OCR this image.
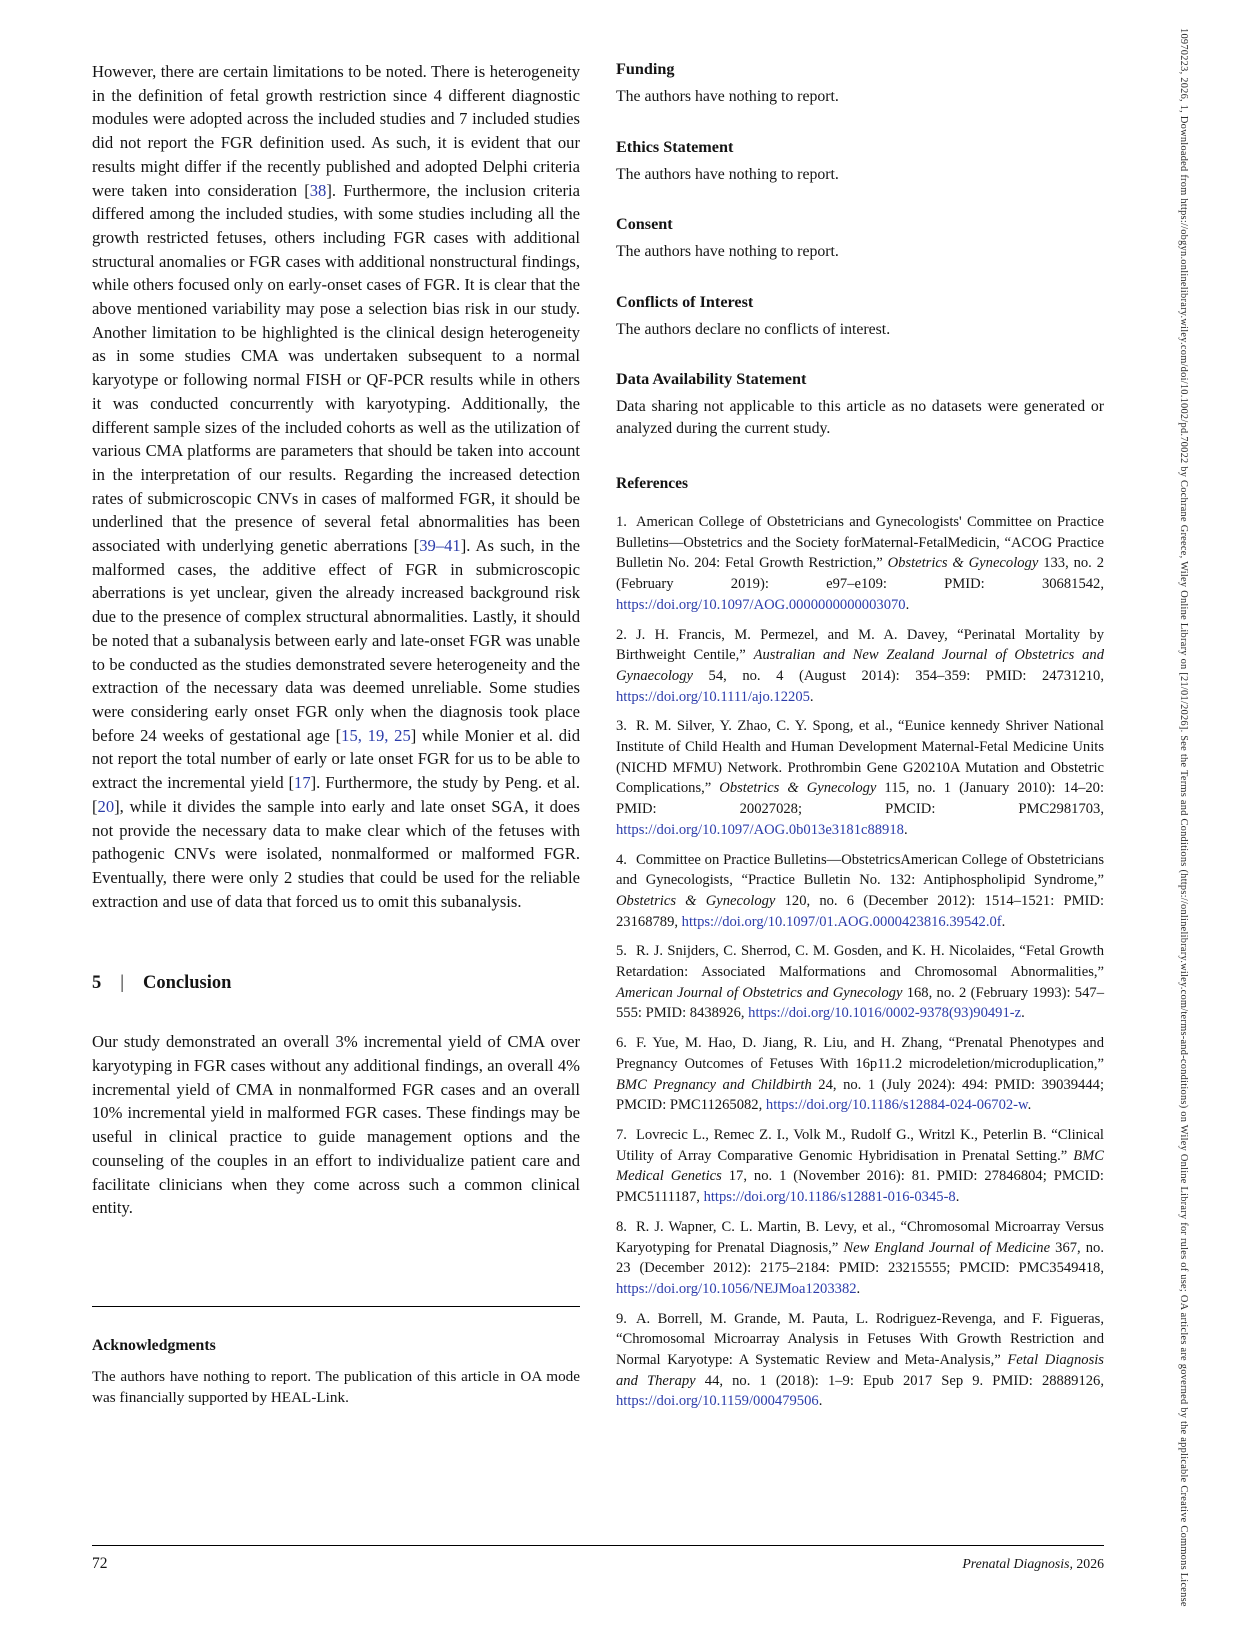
10970223, 2026, 1, Downloaded from https://obgyn.onlinelibrary.wiley.com/doi/10.1002/pd.70022 by Cochrane Greece, Wiley Online Library on [21/01/2026]. See the Terms and Conditions (https://onlinelibrary.wiley.com/terms-and-conditions) on Wiley Online Library for rules of use; OA articles are governed by the applicable Creative Commons License

However, there are certain limitations to be noted. There is heterogeneity in the definition of fetal growth restriction since 4 different diagnostic modules were adopted across the included studies and 7 included studies did not report the FGR definition used. As such, it is evident that our results might differ if the recently published and adopted Delphi criteria were taken into consideration [38]. Furthermore, the inclusion criteria differed among the included studies, with some studies including all the growth restricted fetuses, others including FGR cases with additional structural anomalies or FGR cases with additional nonstructural findings, while others focused only on early-onset cases of FGR. It is clear that the above mentioned variability may pose a selection bias risk in our study. Another limitation to be highlighted is the clinical design heterogeneity as in some studies CMA was undertaken subsequent to a normal karyotype or following normal FISH or QF-PCR results while in others it was conducted concurrently with karyotyping. Additionally, the different sample sizes of the included cohorts as well as the utilization of various CMA platforms are parameters that should be taken into account in the interpretation of our results. Regarding the increased detection rates of submicroscopic CNVs in cases of malformed FGR, it should be underlined that the presence of several fetal abnormalities has been associated with underlying genetic aberrations [39–41]. As such, in the malformed cases, the additive effect of FGR in submicroscopic aberrations is yet unclear, given the already increased background risk due to the presence of complex structural abnormalities. Lastly, it should be noted that a subanalysis between early and late-onset FGR was unable to be conducted as the studies demonstrated severe heterogeneity and the extraction of the necessary data was deemed unreliable. Some studies were considering early onset FGR only when the diagnosis took place before 24 weeks of gestational age [15, 19, 25] while Monier et al. did not report the total number of early or late onset FGR for us to be able to extract the incremental yield [17]. Furthermore, the study by Peng. et al. [20], while it divides the sample into early and late onset SGA, it does not provide the necessary data to make clear which of the fetuses with pathogenic CNVs were isolated, nonmalformed or malformed FGR. Eventually, there were only 2 studies that could be used for the reliable extraction and use of data that forced us to omit this subanalysis.

5 | Conclusion

Our study demonstrated an overall 3% incremental yield of CMA over karyotyping in FGR cases without any additional findings, an overall 4% incremental yield of CMA in nonmalformed FGR cases and an overall 10% incremental yield in malformed FGR cases. These findings may be useful in clinical practice to guide management options and the counseling of the couples in an effort to individualize patient care and facilitate clinicians when they come across such a common clinical entity.

Acknowledgments

The authors have nothing to report. The publication of this article in OA mode was financially supported by HEAL-Link.

Funding

The authors have nothing to report.

Ethics Statement

The authors have nothing to report.

Consent

The authors have nothing to report.

Conflicts of Interest

The authors declare no conflicts of interest.

Data Availability Statement

Data sharing not applicable to this article as no datasets were generated or analyzed during the current study.

References

1. American College of Obstetricians and Gynecologists' Committee on Practice Bulletins—Obstetrics and the Society forMaternal-FetalMedicin, “ACOG Practice Bulletin No. 204: Fetal Growth Restriction,” Obstetrics & Gynecology 133, no. 2 (February 2019): e97–e109: PMID: 30681542, https://doi.org/10.1097/AOG.0000000000003070.

2. J. H. Francis, M. Permezel, and M. A. Davey, “Perinatal Mortality by Birthweight Centile,” Australian and New Zealand Journal of Obstetrics and Gynaecology 54, no. 4 (August 2014): 354–359: PMID: 24731210, https://doi.org/10.1111/ajo.12205.

3. R. M. Silver, Y. Zhao, C. Y. Spong, et al., “Eunice kennedy Shriver National Institute of Child Health and Human Development Maternal-Fetal Medicine Units (NICHD MFMU) Network. Prothrombin Gene G20210A Mutation and Obstetric Complications,” Obstetrics & Gynecology 115, no. 1 (January 2010): 14–20: PMID: 20027028; PMCID: PMC2981703, https://doi.org/10.1097/AOG.0b013e3181c88918.

4. Committee on Practice Bulletins—ObstetricsAmerican College of Obstetricians and Gynecologists, “Practice Bulletin No. 132: Antiphospholipid Syndrome,” Obstetrics & Gynecology 120, no. 6 (December 2012): 1514–1521: PMID: 23168789, https://doi.org/10.1097/01.AOG.0000423816.39542.0f.

5. R. J. Snijders, C. Sherrod, C. M. Gosden, and K. H. Nicolaides, “Fetal Growth Retardation: Associated Malformations and Chromosomal Abnormalities,” American Journal of Obstetrics and Gynecology 168, no. 2 (February 1993): 547–555: PMID: 8438926, https://doi.org/10.1016/0002-9378(93)90491-z.

6. F. Yue, M. Hao, D. Jiang, R. Liu, and H. Zhang, “Prenatal Phenotypes and Pregnancy Outcomes of Fetuses With 16p11.2 microdeletion/microduplication,” BMC Pregnancy and Childbirth 24, no. 1 (July 2024): 494: PMID: 39039444; PMCID: PMC11265082, https://doi.org/10.1186/s12884-024-06702-w.

7. Lovrecic L., Remec Z. I., Volk M., Rudolf G., Writzl K., Peterlin B. “Clinical Utility of Array Comparative Genomic Hybridisation in Prenatal Setting.” BMC Medical Genetics 17, no. 1 (November 2016): 81. PMID: 27846804; PMCID: PMC5111187, https://doi.org/10.1186/s12881-016-0345-8.

8. R. J. Wapner, C. L. Martin, B. Levy, et al., “Chromosomal Microarray Versus Karyotyping for Prenatal Diagnosis,” New England Journal of Medicine 367, no. 23 (December 2012): 2175–2184: PMID: 23215555; PMCID: PMC3549418, https://doi.org/10.1056/NEJMoa1203382.

9. A. Borrell, M. Grande, M. Pauta, L. Rodriguez-Revenga, and F. Figueras, “Chromosomal Microarray Analysis in Fetuses With Growth Restriction and Normal Karyotype: A Systematic Review and Meta-Analysis,” Fetal Diagnosis and Therapy 44, no. 1 (2018): 1–9: Epub 2017 Sep 9. PMID: 28889126, https://doi.org/10.1159/000479506.

72	Prenatal Diagnosis, 2026
